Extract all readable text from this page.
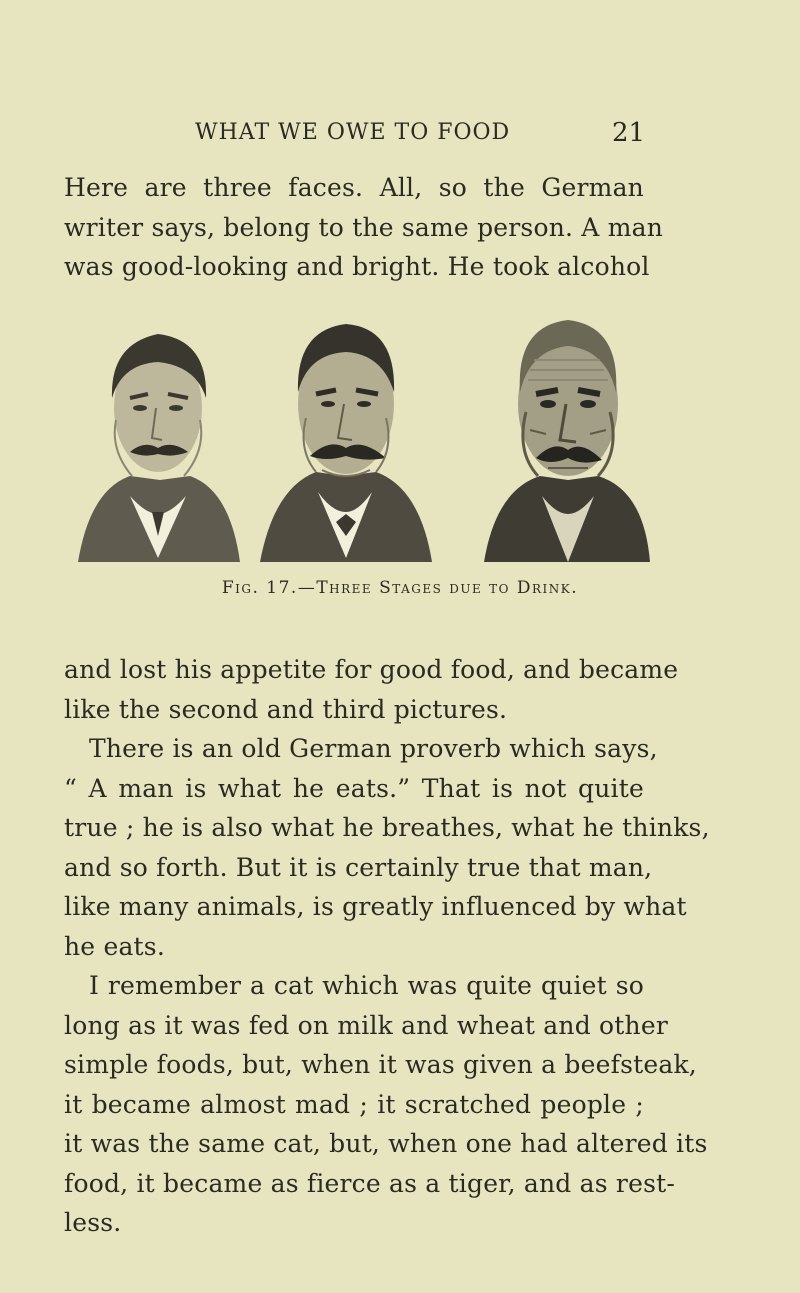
WHAT WE OWE TO FOOD	21
Here are three faces. All, so the German
writer says, belong to the same person. A man
was good-looking and bright. He took alcohol
Fig. 17.—Three Stages due to Drink.
and lost his appetite for good food, and became
like the second and third pictures.
There is an old German proverb which says,
“ A man is what he eats.” That is not quite
true ; he is also what he breathes, what he thinks,
and so forth. But it is certainly true that man,
like many animals, is greatly influenced by what
he eats.
I remember a cat which was quite quiet so
long as it was fed on milk and wheat and other
simple foods, but, when it was given a beefsteak,
it became almost mad ; it scratched people ;
it was the same cat, but, when one had altered its
food, it became as fierce as a tiger, and as rest-
less.
